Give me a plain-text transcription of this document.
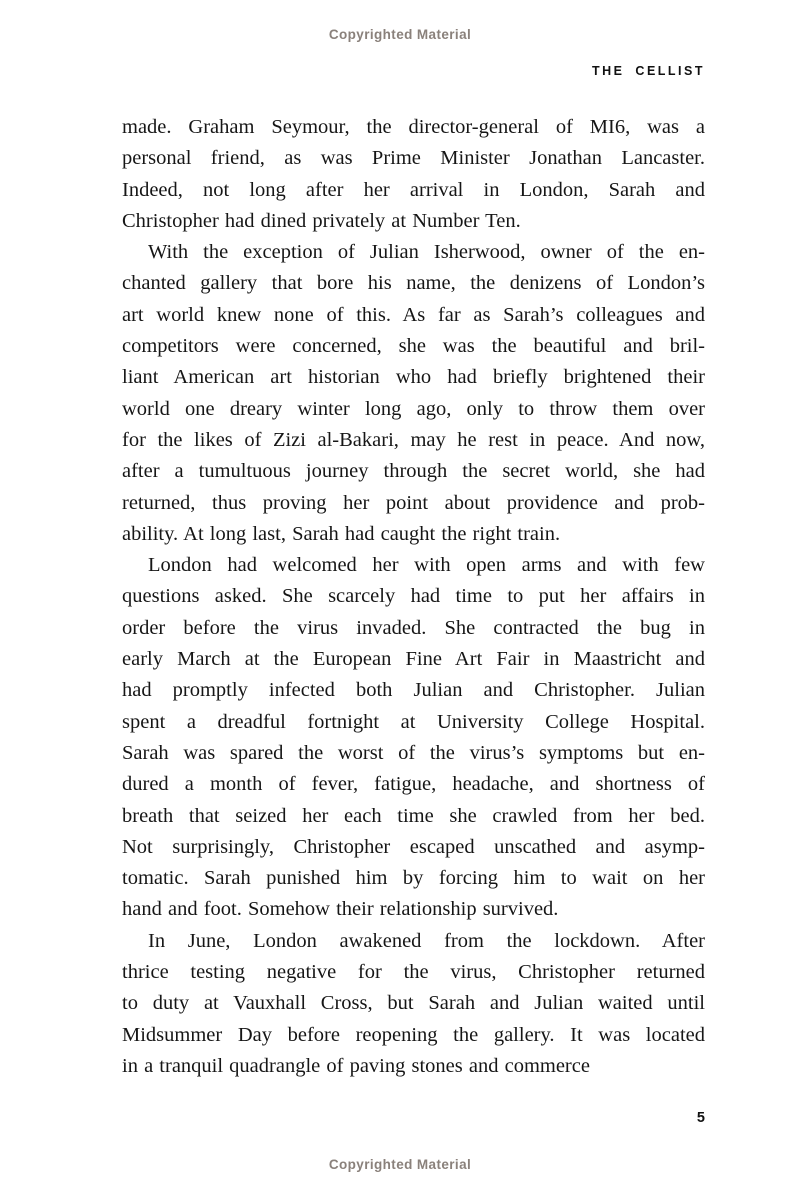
Copyrighted Material
THE CELLIST
made. Graham Seymour, the director-general of MI6, was a
personal friend, as was Prime Minister Jonathan Lancaster.
Indeed, not long after her arrival in London, Sarah and
Christopher had dined privately at Number Ten.
With the exception of Julian Isherwood, owner of the en-
chanted gallery that bore his name, the denizens of London’s
art world knew none of this. As far as Sarah’s colleagues and
competitors were concerned, she was the beautiful and bril-
liant American art historian who had briefly brightened their
world one dreary winter long ago, only to throw them over
for the likes of Zizi al-Bakari, may he rest in peace. And now,
after a tumultuous journey through the secret world, she had
returned, thus proving her point about providence and prob-
ability. At long last, Sarah had caught the right train.
London had welcomed her with open arms and with few
questions asked. She scarcely had time to put her affairs in
order before the virus invaded. She contracted the bug in
early March at the European Fine Art Fair in Maastricht and
had promptly infected both Julian and Christopher. Julian
spent a dreadful fortnight at University College Hospital.
Sarah was spared the worst of the virus’s symptoms but en-
dured a month of fever, fatigue, headache, and shortness of
breath that seized her each time she crawled from her bed.
Not surprisingly, Christopher escaped unscathed and asymp-
tomatic. Sarah punished him by forcing him to wait on her
hand and foot. Somehow their relationship survived.
In June, London awakened from the lockdown. After
thrice testing negative for the virus, Christopher returned
to duty at Vauxhall Cross, but Sarah and Julian waited until
Midsummer Day before reopening the gallery. It was located
in a tranquil quadrangle of paving stones and commerce
5
Copyrighted Material
